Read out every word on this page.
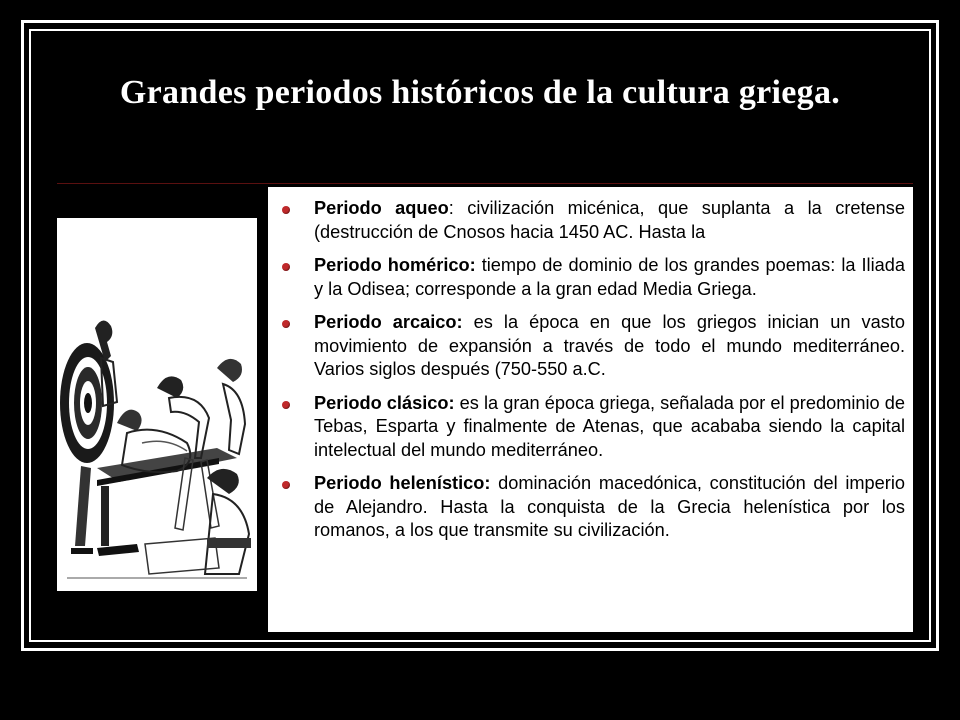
Grandes periodos históricos de la cultura griega.
Periodo aqueo: civilización micénica, que suplanta a la cretense (destrucción de Cnosos hacia 1450 AC. Hasta la
Periodo homérico: tiempo de dominio de los grandes poemas: la Iliada y la Odisea; corresponde a la gran edad Media Griega.
Periodo arcaico: es la época en que los griegos inician un vasto movimiento de expansión a través de todo el mundo mediterráneo. Varios siglos después (750-550 a.C.
Periodo clásico: es la gran época griega, señalada por el predominio de Tebas, Esparta y finalmente de Atenas, que acababa siendo la capital intelectual del mundo mediterráneo.
Periodo helenístico: dominación macedónica, constitución del imperio de Alejandro. Hasta la conquista de la Grecia helenística por los romanos, a los que transmite su civilización.
